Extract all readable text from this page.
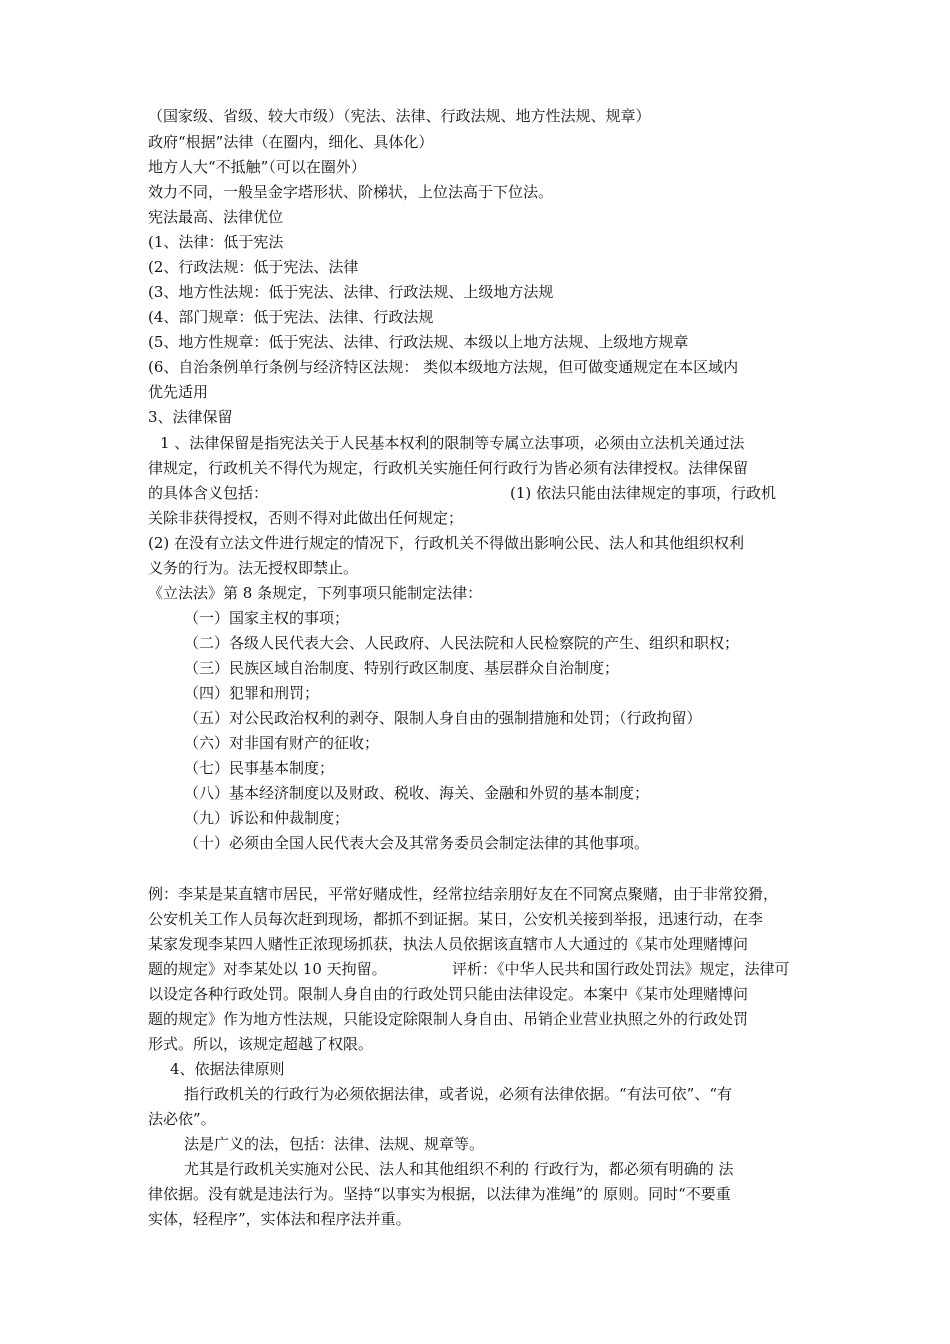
（国家级、省级、较大市级）（宪法、法律、行政法规、地方性法规、规章）
政府“根据”法律（在圈内，细化、具体化）
地方人大“不抵触”（可以在圈外）
效力不同，一般呈金字塔形状、阶梯状，上位法高于下位法。
宪法最高、法律优位
(1、法律：低于宪法
(2、行政法规：低于宪法、法律
(3、地方性法规：低于宪法、法律、行政法规、上级地方法规
(4、部门规章：低于宪法、法律、行政法规
(5、地方性规章：低于宪法、法律、行政法规、本级以上地方法规、上级地方规章
(6、自治条例单行条例与经济特区法规： 类似本级地方法规，但可做变通规定在本区域内
优先适用
3、法律保留
1 、法律保留是指宪法关于人民基本权利的限制等专属立法事项，必须由立法机关通过法
律规定，行政机关不得代为规定，行政机关实施任何行政行为皆必须有法律授权。法律保留
的具体含义包括：	(1) 依法只能由法律规定的事项，行政机
关除非获得授权，否则不得对此做出任何规定；
(2) 在没有立法文件进行规定的情况下，行政机关不得做出影响公民、法人和其他组织权利
义务的行为。法无授权即禁止。
《立法法》第 8 条规定，下列事项只能制定法律：
（一）国家主权的事项；
（二）各级人民代表大会、人民政府、人民法院和人民检察院的产生、组织和职权；
（三）民族区域自治制度、特别行政区制度、基层群众自治制度；
（四）犯罪和刑罚；
（五）对公民政治权利的剥夺、限制人身自由的强制措施和处罚；（行政拘留）
（六）对非国有财产的征收；
（七）民事基本制度；
（八）基本经济制度以及财政、税收、海关、金融和外贸的基本制度；
（九）诉讼和仲裁制度；
（十）必须由全国人民代表大会及其常务委员会制定法律的其他事项。
例：李某是某直辖市居民，平常好赌成性，经常拉结亲朋好友在不同窝点聚赌，由于非常狡猾，
公安机关工作人员每次赶到现场，都抓不到证据。某日，公安机关接到举报，迅速行动，在李
某家发现李某四人赌性正浓现场抓获，执法人员依据该直辖市人大通过的《某市处理赌博问
题的规定》对李某处以 10 天拘留。	评析：《中华人民共和国行政处罚法》规定，法律可
以设定各种行政处罚。限制人身自由的行政处罚只能由法律设定。本案中《某市处理赌博问
题的规定》作为地方性法规，只能设定除限制人身自由、吊销企业营业执照之外的行政处罚
形式。所以，该规定超越了权限。
4、依据法律原则
指行政机关的行政行为必须依据法律，或者说，必须有法律依据。“有法可依”、“有
法必依”。
法是广义的法，包括：法律、法规、规章等。
尤其是行政机关实施对公民、法人和其他组织不利的 行政行为，都必须有明确的 法
律依据。没有就是违法行为。坚持“以事实为根据，以法律为准绳”的 原则。同时“不要重
实体，轻程序”，实体法和程序法并重。
